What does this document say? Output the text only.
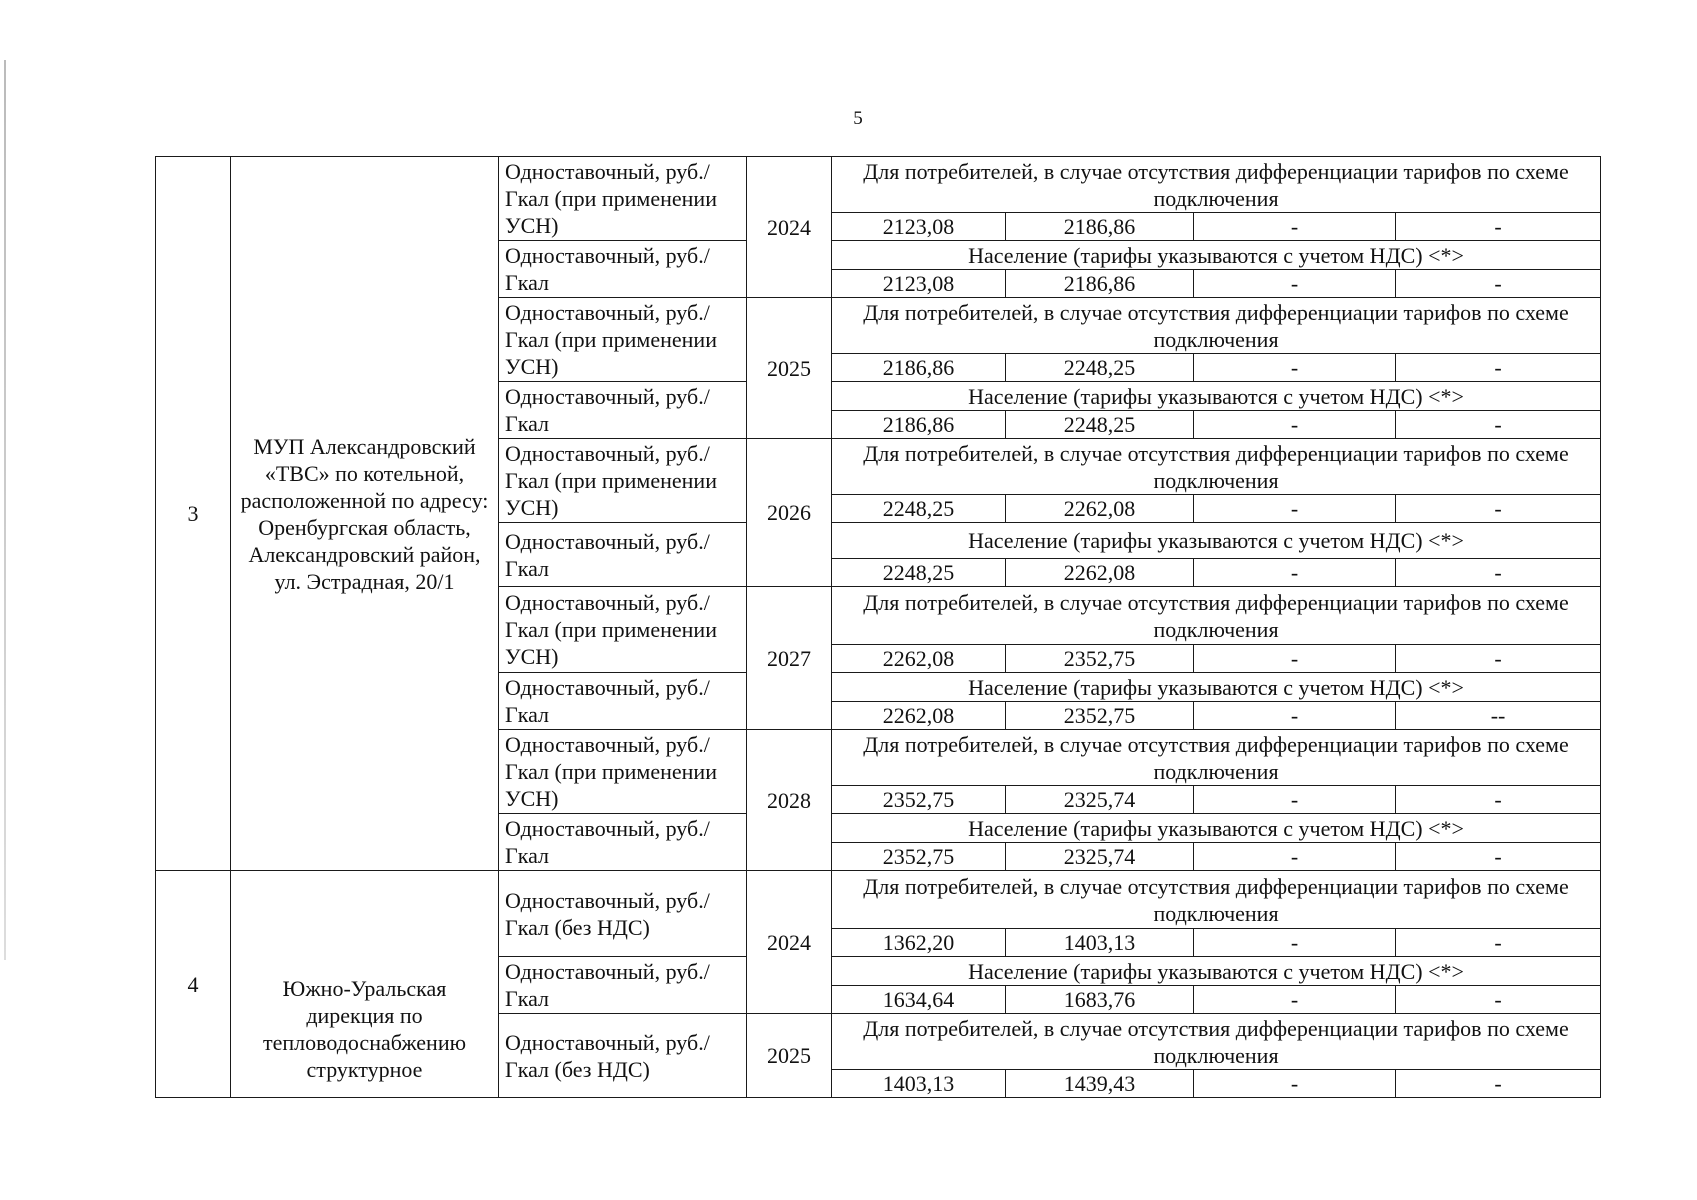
5
3	МУП Александровский «ТВС» по котельной, расположенной по адресу: Оренбургская область, Александровский район, ул. Эстрадная, 20/1	Одноставочный, руб./Гкал (при применении УСН)	2024	Для потребителей, в случае отсутствия дифференциации тарифов по схеме подключения			
				2123,08	2186,86	-	-
		Одноставочный, руб./Гкал		Население (тарифы указываются с учетом НДС) <*>			
				2123,08	2186,86	-	-
		Одноставочный, руб./Гкал (при применении УСН)	2025	Для потребителей, в случае отсутствия дифференциации тарифов по схеме подключения			
				2186,86	2248,25	-	-
		Одноставочный, руб./Гкал		Население (тарифы указываются с учетом НДС) <*>			
				2186,86	2248,25	-	-
		Одноставочный, руб./Гкал (при применении УСН)	2026	Для потребителей, в случае отсутствия дифференциации тарифов по схеме подключения			
				2248,25	2262,08	-	-
		Одноставочный, руб./Гкал		Население (тарифы указываются с учетом НДС) <*>			
				2248,25	2262,08	-	-
		Одноставочный, руб./Гкал (при применении УСН)	2027	Для потребителей, в случае отсутствия дифференциации тарифов по схеме подключения			
				2262,08	2352,75	-	-
		Одноставочный, руб./Гкал		Население (тарифы указываются с учетом НДС) <*>			
				2262,08	2352,75	-	--
		Одноставочный, руб./Гкал (при применении УСН)	2028	Для потребителей, в случае отсутствия дифференциации тарифов по схеме подключения			
				2352,75	2325,74	-	-
		Одноставочный, руб./Гкал		Население (тарифы указываются с учетом НДС) <*>			
				2352,75	2325,74	-	-
4	Южно-Уральская дирекция по тепловодоснабжению структурное	Одноставочный, руб./Гкал (без НДС)	2024	Для потребителей, в случае отсутствия дифференциации тарифов по схеме подключения			
				1362,20	1403,13	-	-
		Одноставочный, руб./Гкал		Население (тарифы указываются с учетом НДС) <*>			
				1634,64	1683,76	-	-
		Одноставочный, руб./Гкал (без НДС)	2025	Для потребителей, в случае отсутствия дифференциации тарифов по схеме подключения			
				1403,13	1439,43	-	-
